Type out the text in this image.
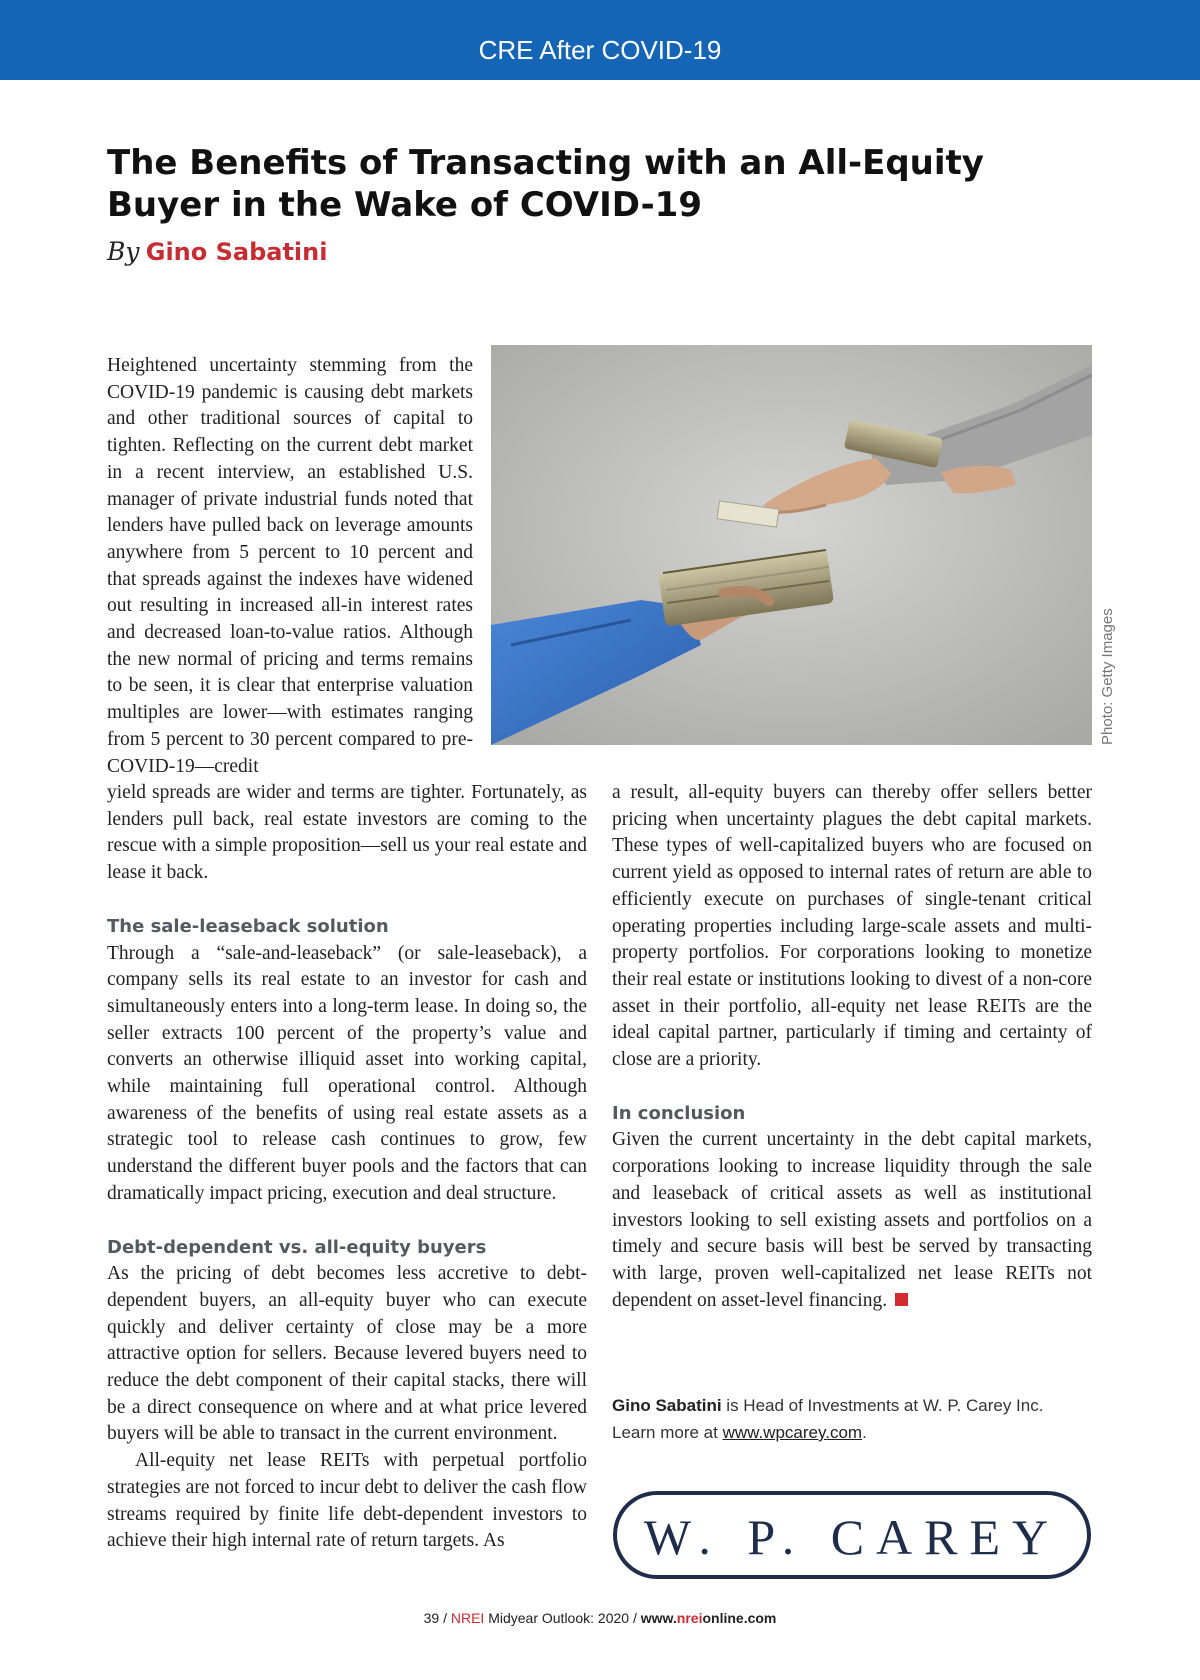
CRE After COVID-19
The Benefits of Transacting with an All-Equity Buyer in the Wake of COVID-19
By Gino Sabatini

Heightened uncertainty stemming from the COVID-19 pandemic is causing debt markets and other traditional sources of capital to tighten. Reflecting on the current debt market in a recent interview, an established U.S. manager of private industrial funds noted that lenders have pulled back on leverage amounts anywhere from 5 percent to 10 percent and that spreads against the indexes have widened out resulting in increased all-in interest rates and decreased loan-to-value ratios. Although the new normal of pricing and terms remains to be seen, it is clear that enterprise valuation multiples are lower—with estimates ranging from 5 percent to 30 percent compared to pre-COVID-19—credit

Photo: Getty Images

yield spreads are wider and terms are tighter. Fortunately, as lenders pull back, real estate investors are coming to the rescue with a simple proposition—sell us your real estate and lease it back.

The sale-leaseback solution

Through a “sale-and-leaseback” (or sale-leaseback), a company sells its real estate to an investor for cash and simultaneously enters into a long-term lease. In doing so, the seller extracts 100 percent of the property’s value and converts an otherwise illiquid asset into working capital, while maintaining full operational control. Although awareness of the benefits of using real estate assets as a strategic tool to release cash continues to grow, few understand the different buyer pools and the factors that can dramatically impact pricing, execution and deal structure.

Debt-dependent vs. all-equity buyers

As the pricing of debt becomes less accretive to debt-dependent buyers, an all-equity buyer who can execute quickly and deliver certainty of close may be a more attractive option for sellers. Because levered buyers need to reduce the debt component of their capital stacks, there will be a direct consequence on where and at what price levered buyers will be able to transact in the current environment.

All-equity net lease REITs with perpetual portfolio strategies are not forced to incur debt to deliver the cash flow streams required by finite life debt-dependent investors to achieve their high internal rate of return targets. As

a result, all-equity buyers can thereby offer sellers better pricing when uncertainty plagues the debt capital markets. These types of well-capitalized buyers who are focused on current yield as opposed to internal rates of return are able to efficiently execute on purchases of single-tenant critical operating properties including large-scale assets and multi-property portfolios. For corporations looking to monetize their real estate or institutions looking to divest of a non-core asset in their portfolio, all-equity net lease REITs are the ideal capital partner, particularly if timing and certainty of close are a priority.

In conclusion

Given the current uncertainty in the debt capital markets, corporations looking to increase liquidity through the sale and leaseback of critical assets as well as institutional investors looking to sell existing assets and portfolios on a timely and secure basis will best be served by transacting with large, proven well-capitalized net lease REITs not dependent on asset-level financing.

Gino Sabatini is Head of Investments at W. P. Carey Inc.
Learn more at www.wpcarey.com.

W. P. CAREY
39 / NREI Midyear Outlook: 2020 / www.nreionline.com
